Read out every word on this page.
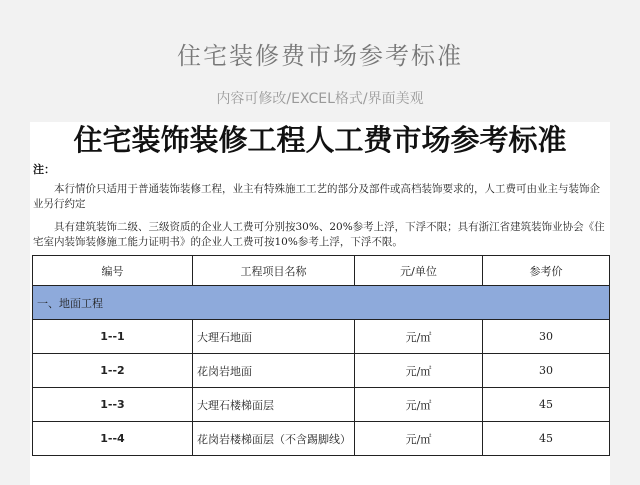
住宅装修费市场参考标准
内容可修改/EXCEL格式/界面美观
住宅装饰装修工程人工费市场参考标准
注：
本行情价只适用于普通装饰装修工程，业主有特殊施工工艺的部分及部件或高档装饰要求的，人工费可由业主与装饰企业另行约定
具有建筑装饰二级、三级资质的企业人工费可分别按30%、20%参考上浮，下浮不限；具有浙江省建筑装饰业协会《住宅室内装饰装修施工能力证明书》的企业人工费可按10%参考上浮，下浮不限。
编号	工程项目名称	元/单位	参考价
一、地面工程			
1--1	大理石地面	元/㎡	30
1--2	花岗岩地面	元/㎡	30
1--3	大理石楼梯面层	元/㎡	45
1--4	花岗岩楼梯面层（不含踢脚线）	元/㎡	45
